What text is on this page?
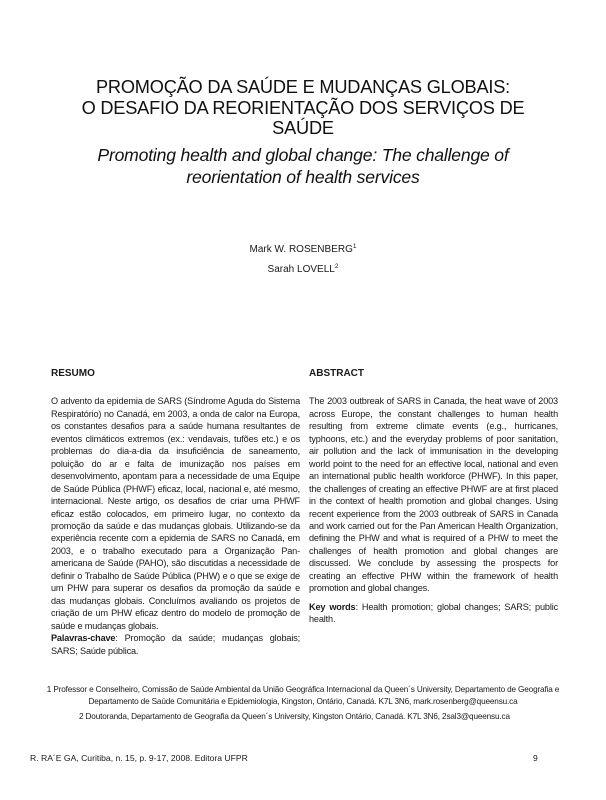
PROMOÇÃO DA SAÚDE E MUDANÇAS GLOBAIS:
O DESAFIO DA REORIENTAÇÃO DOS SERVIÇOS DE
SAÚDE
Promoting health and global change: The challenge of
reorientation of health services
Mark W. ROSENBERG$^1$
Sarah LOVELL$^2$
RESUMO

O advento da epidemia de SARS (Síndrome Aguda do Sistema Respiratório) no Canadá, em 2003, a onda de calor na Europa, os constantes desafios para a saúde humana resultantes de eventos climáticos extremos (ex.: vendavais, tufões etc.) e os problemas do dia-a-dia da insuficiência de saneamento, poluição do ar e falta de imunização nos países em desenvolvimento, apontam para a necessidade de uma Equipe de Saúde Pública (PHWF) eficaz, local, nacional e, até mesmo, internacional. Neste artigo, os desafios de criar uma PHWF eficaz estão colocados, em primeiro lugar, no contexto da promoção da saúde e das mudanças globais. Utilizando-se da experiência recente com a epidemia de SARS no Canadá, em 2003, e o trabalho executado para a Organização Pan-americana de Saúde (PAHO), são discutidas a necessidade de definir o Trabalho de Saúde Pública (PHW) e o que se exige de um PHW para superar os desafios da promoção da saúde e das mudanças globais. Concluímos avaliando os projetos de criação de um PHW eficaz dentro do modelo de promoção de saúde e mudanças globais.

Palavras-chave: Promoção da saúde; mudanças globais; SARS; Saúde pública.

ABSTRACT

The 2003 outbreak of SARS in Canada, the heat wave of 2003 across Europe, the constant challenges to human health resulting from extreme climate events (e.g., hurricanes, typhoons, etc.) and the everyday problems of poor sanitation, air pollution and the lack of immunisation in the developing world point to the need for an effective local, national and even an international public health workforce (PHWF). In this paper, the challenges of creating an effective PHWF are at first placed in the context of health promotion and global changes. Using recent experience from the 2003 outbreak of SARS in Canada and work carried out for the Pan American Health Organization, defining the PHW and what is required of a PHW to meet the challenges of health promotion and global changes are discussed. We conclude by assessing the prospects for creating an effective PHW within the framework of health promotion and global changes.

Key words: Health promotion; global changes; SARS; public health.

1 Professor e Conselheiro, Comissão de Saúde Ambiental da União Geográfica Internacional da Queen´s University, Departamento de Geografia e Departamento de Saúde Comunitária e Epidemiologia, Kingston, Ontário, Canadá. K7L 3N6, mark.rosenberg@queensu.ca
2 Doutoranda, Departamento de Geografia da Queen´s University, Kingston Ontário, Canadá. K7L 3N6, 2sal3@queensu.ca
R. RA´E GA, Curitiba, n. 15, p. 9-17, 2008. Editora UFPR	9
